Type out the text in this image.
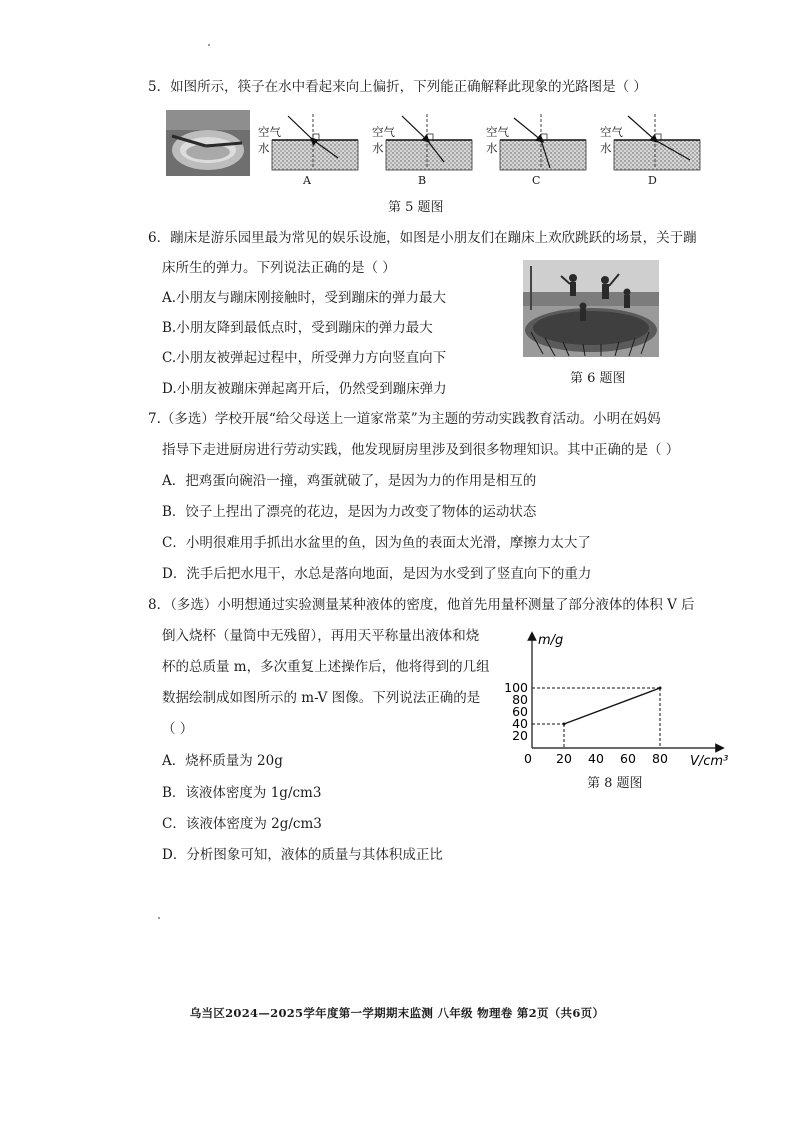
5．如图所示，筷子在水中看起来向上偏折，下列能正确解释此现象的光路图是（ ）
空气
水
A
空气
水
B
空气
水
C
空气
水
D
第 5 题图
6．蹦床是游乐园里最为常见的娱乐设施，如图是小朋友们在蹦床上欢欣跳跃的场景，关于蹦
床所生的弹力。下列说法正确的是（ ）
A.小朋友与蹦床刚接触时，受到蹦床的弹力最大
B.小朋友降到最低点时，受到蹦床的弹力最大
C.小朋友被弹起过程中，所受弹力方向竖直向下
D.小朋友被蹦床弹起离开后，仍然受到蹦床弹力
第 6 题图
7.（多选）学校开展“给父母送上一道家常菜”为主题的劳动实践教育活动。小明在妈妈
指导下走进厨房进行劳动实践，他发现厨房里涉及到很多物理知识。其中正确的是（ ）
A．把鸡蛋向碗沿一撞，鸡蛋就破了，是因为力的作用是相互的
B．饺子上捏出了漂亮的花边，是因为力改变了物体的运动状态
C．小明很难用手抓出水盆里的鱼，因为鱼的表面太光滑，摩擦力太大了
D．洗手后把水甩干，水总是落向地面，是因为水受到了竖直向下的重力
8．（多选）小明想通过实验测量某种液体的密度，他首先用量杯测量了部分液体的体积 V 后
倒入烧杯（量筒中无残留），再用天平称量出液体和烧
杯的总质量 m，多次重复上述操作后，他将得到的几组
数据绘制成如图所示的 m-V 图像。下列说法正确的是
（ ）
A．烧杯质量为 20g
B．该液体密度为 1g/cm3
C．该液体密度为 2g/cm3
D．分析图象可知，液体的质量与其体积成正比
20 40 60 80
20
40
60
80
100
m/g
V/cm³
0
第 8 题图
乌当区2024—2025学年度第一学期期末监测 八年级 物理卷 第2页（共6页）
